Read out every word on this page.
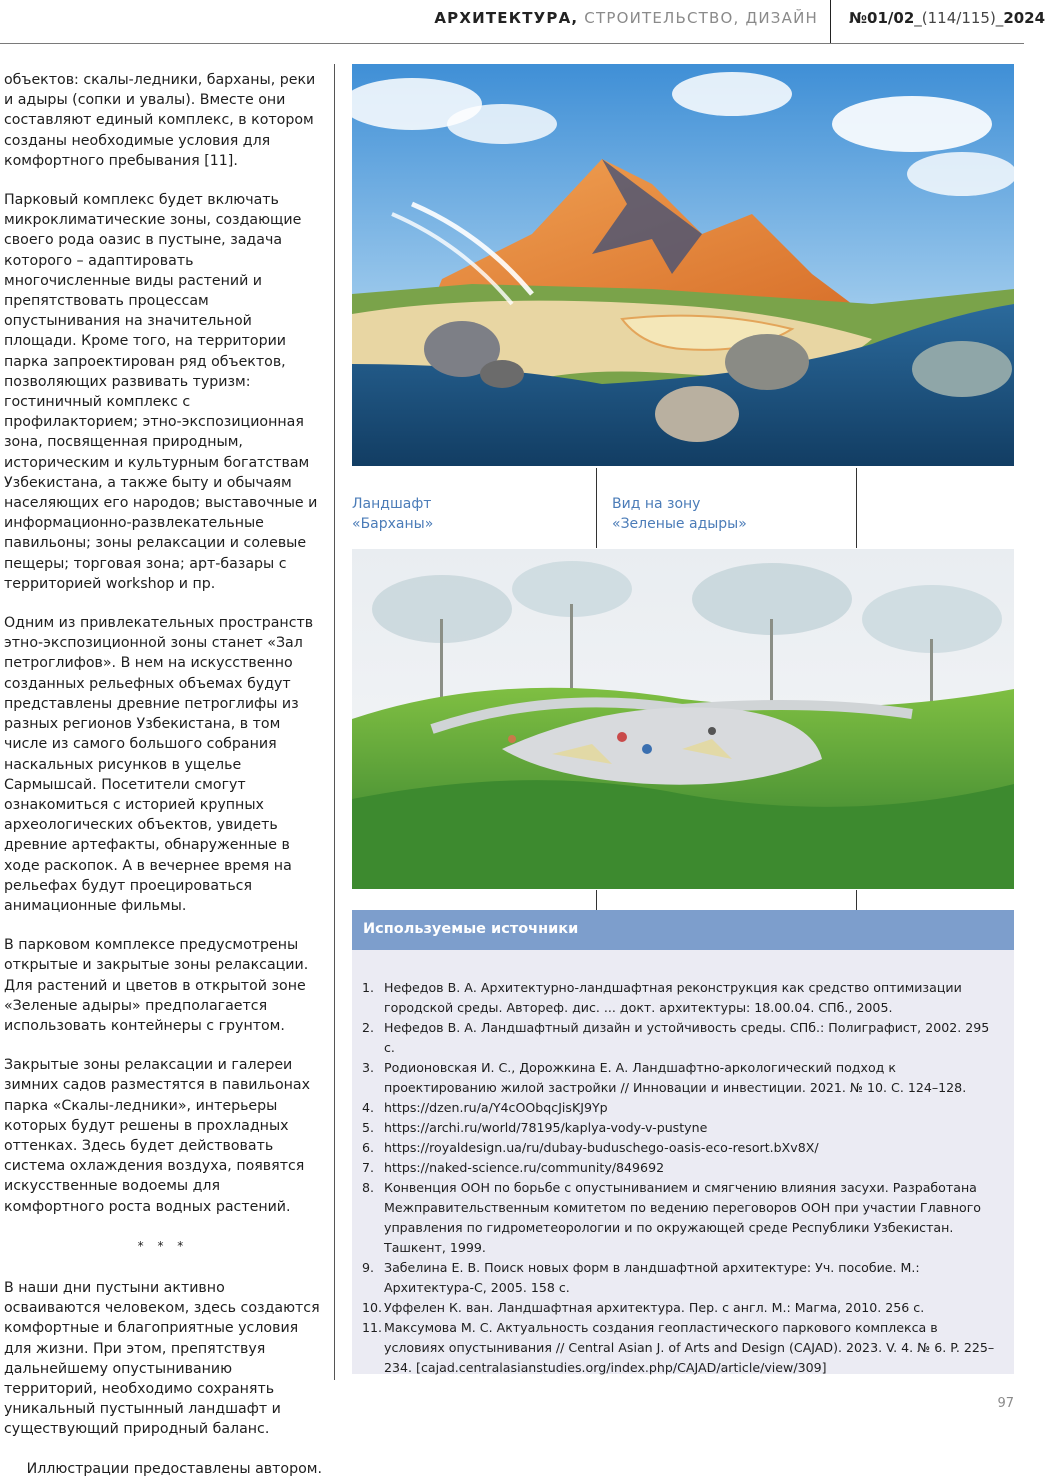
АРХИТЕКТУРА, СТРОИТЕЛЬСТВО, ДИЗАЙН №01/02_(114/115)_2024

объектов: скалы-ледники, барханы, реки и адыры (сопки и увалы). Вместе они составляют единый комплекс, в котором созданы необходимые условия для комфортного пребывания [11].

Парковый комплекс будет включать микроклиматические зоны, создающие своего рода оазис в пустыне, задача которого – адаптировать многочисленные виды растений и препятствовать процессам опустынивания на значительной площади. Кроме того, на территории парка запроектирован ряд объектов, позволяющих развивать туризм: гостиничный комплекс с профилакторием; этно-экспозиционная зона, посвященная природным, историческим и культурным богатствам Узбекистана, а также быту и обычаям населяющих его народов; выставочные и информационно-развлекательные павильоны; зоны релаксации и солевые пещеры; торговая зона; арт-базары с территорией workshop и пр.

Одним из привлекательных пространств этно-экспозиционной зоны станет «Зал петроглифов». В нем на искусственно созданных рельефных объемах будут представлены древние петроглифы из разных регионов Узбекистана, в том числе из самого большого собрания наскальных рисунков в ущелье Сармышсай. Посетители смогут ознакомиться с историей крупных археологических объектов, увидеть древние артефакты, обнаруженные в ходе раскопок. А в вечернее время на рельефах будут проецироваться анимационные фильмы.

В парковом комплексе предусмотрены открытые и закрытые зоны релаксации. Для растений и цветов в открытой зоне «Зеленые адыры» предполагается использовать контейнеры с грунтом.

Закрытые зоны релаксации и галереи зимних садов разместятся в павильонах парка «Скалы-ледники», интерьеры которых будут решены в прохладных оттенках. Здесь будет действовать система охлаждения воздуха, появятся искусственные водоемы для комфортного роста водных растений.

* * *

В наши дни пустыни активно осваиваются человеком, здесь создаются комфортные и благоприятные условия для жизни. При этом, препятствуя дальнейшему опустыниванию территорий, необходимо сохранять уникальный пустынный ландшафт и существующий природный баланс.

Иллюстрации предоставлены автором.
Ландшафт
«Барханы»
Вид на зону
«Зеленые адыры»
Используемые источники
1. Нефедов В. А. Архитектурно-ландшафтная реконструкция как средство оптимизации городской среды. Автореф. дис. ... докт. архитектуры: 18.00.04. СПб., 2005.
2. Нефедов В. А. Ландшафтный дизайн и устойчивость среды. СПб.: Полиграфист, 2002. 295 с.
3. Родионовская И. С., Дорожкина Е. А. Ландшафтно-аркологический подход к проектированию жилой застройки // Инновации и инвестиции. 2021. № 10. С. 124–128.
4. https://dzen.ru/a/Y4cOObqcJisKJ9Yp
5. https://archi.ru/world/78195/kaplya-vody-v-pustyne
6. https://royaldesign.ua/ru/dubay-buduschego-oasis-eco-resort.bXv8X/
7. https://naked-science.ru/community/849692
8. Конвенция ООН по борьбе с опустыниванием и смягчению влияния засухи. Разработана Межправительственным комитетом по ведению переговоров ООН при участии Главного управления по гидрометеорологии и по окружающей среде Республики Узбекистан. Ташкент, 1999.
9. Забелина Е. В. Поиск новых форм в ландшафтной архитектуре: Уч. пособие. М.: Архитектура-С, 2005. 158 с.
10. Уффелен К. ван. Ландшафтная архитектура. Пер. с англ. М.: Магма, 2010. 256 с.
11. Максумова М. С. Актуальность создания геопластического паркового комплекса в условиях опустынивания // Central Asian J. of Arts and Design (CAJAD). 2023. V. 4. № 6. P. 225–234. [cajad.centralasianstudies.org/index.php/CAJAD/article/view/309]
97
